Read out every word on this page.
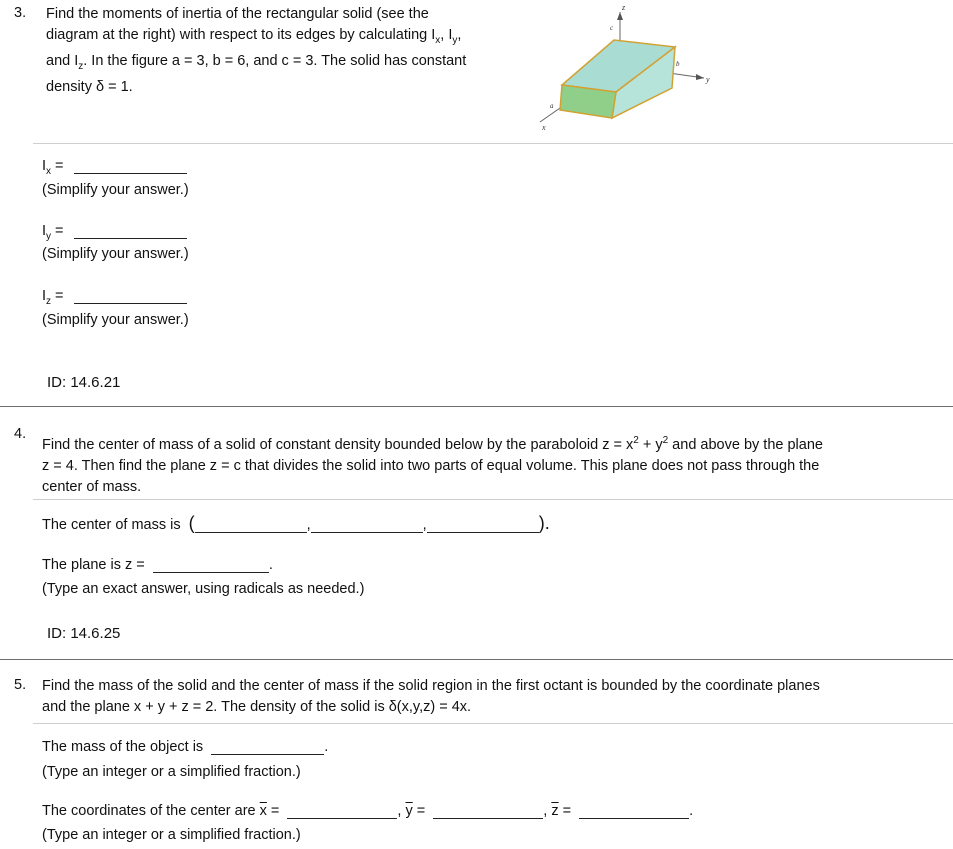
3. Find the moments of inertia of the rectangular solid (see the
diagram at the right) with respect to its edges by calculating $I_x$, $I_y$,
and $I_z$. In the figure a = 3, b = 6, and c = 3. The solid has constant
density δ = 1.
z
y
x
a
b
c
$I_x$ =
(Simplify your answer.)
$I_y$ =
(Simplify your answer.)
$I_z$ =
(Simplify your answer.)
ID: 14.6.21
4.
Find the center of mass of a solid of constant density bounded below by the paraboloid $z = x^2 + y^2$ and above by the plane
z = 4. Then find the plane z = c that divides the solid into two parts of equal volume. This plane does not pass through the
center of mass.
The center of mass is (	,	,	).
The plane is z =	.
(Type an exact answer, using radicals as needed.)
ID: 14.6.25
5. Find the mass of the solid and the center of mass if the solid region in the first octant is bounded by the coordinate planes
and the plane x + y + z = 2. The density of the solid is δ(x,y,z) = 4x.
The mass of the object is	.
(Type an integer or a simplified fraction.)
The coordinates of the center are $\overline{x}$ =	, $\overline{y}$ =	, $\overline{z}$ =	.
(Type an integer or a simplified fraction.)
